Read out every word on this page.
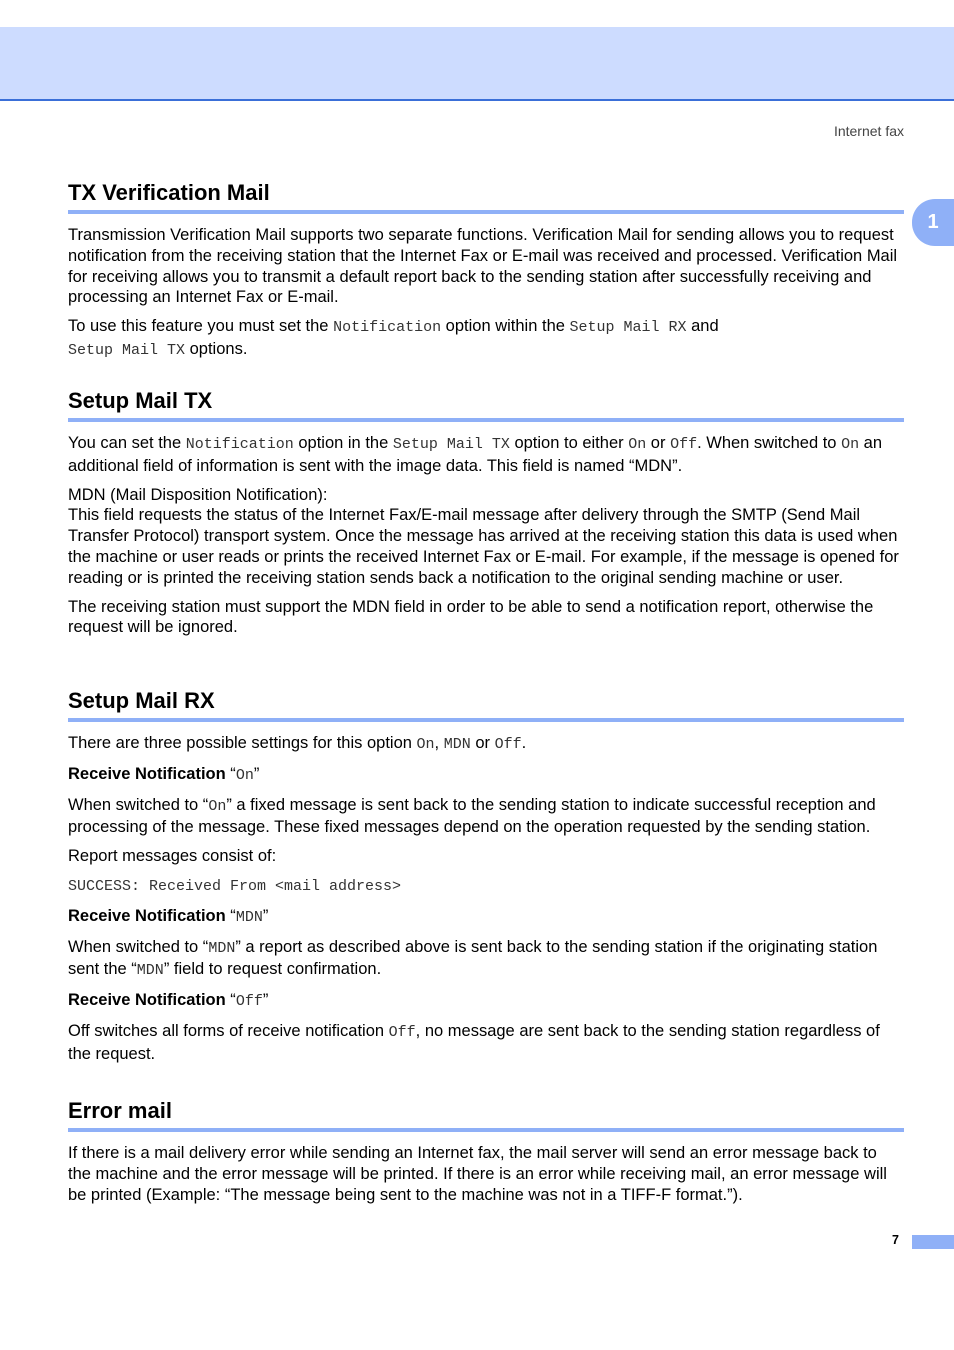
Internet fax
1
TX Verification Mail

Transmission Verification Mail supports two separate functions. Verification Mail for sending allows you to request notification from the receiving station that the Internet Fax or E-mail was received and processed. Verification Mail for receiving allows you to transmit a default report back to the sending station after successfully receiving and processing an Internet Fax or E-mail.

To use this feature you must set the Notification option within the Setup Mail RX and
Setup Mail TX options.

Setup Mail TX

You can set the Notification option in the Setup Mail TX option to either On or Off. When switched to On an additional field of information is sent with the image data. This field is named “MDN”.

MDN (Mail Disposition Notification):
This field requests the status of the Internet Fax/E-mail message after delivery through the SMTP (Send Mail Transfer Protocol) transport system. Once the message has arrived at the receiving station this data is used when the machine or user reads or prints the received Internet Fax or E-mail. For example, if the message is opened for reading or is printed the receiving station sends back a notification to the original sending machine or user.

The receiving station must support the MDN field in order to be able to send a notification report, otherwise the request will be ignored.

Setup Mail RX

There are three possible settings for this option On, MDN or Off.

Receive Notification “On”

When switched to “On” a fixed message is sent back to the sending station to indicate successful reception and processing of the message. These fixed messages depend on the operation requested by the sending station.

Report messages consist of:

SUCCESS: Received From <mail address>

Receive Notification “MDN”

When switched to “MDN” a report as described above is sent back to the sending station if the originating station sent the “MDN” field to request confirmation.

Receive Notification “Off”

Off switches all forms of receive notification Off, no message are sent back to the sending station regardless of the request.

Error mail

If there is a mail delivery error while sending an Internet fax, the mail server will send an error message back to the machine and the error message will be printed. If there is an error while receiving mail, an error message will be printed (Example: “The message being sent to the machine was not in a TIFF-F format.”).

7
